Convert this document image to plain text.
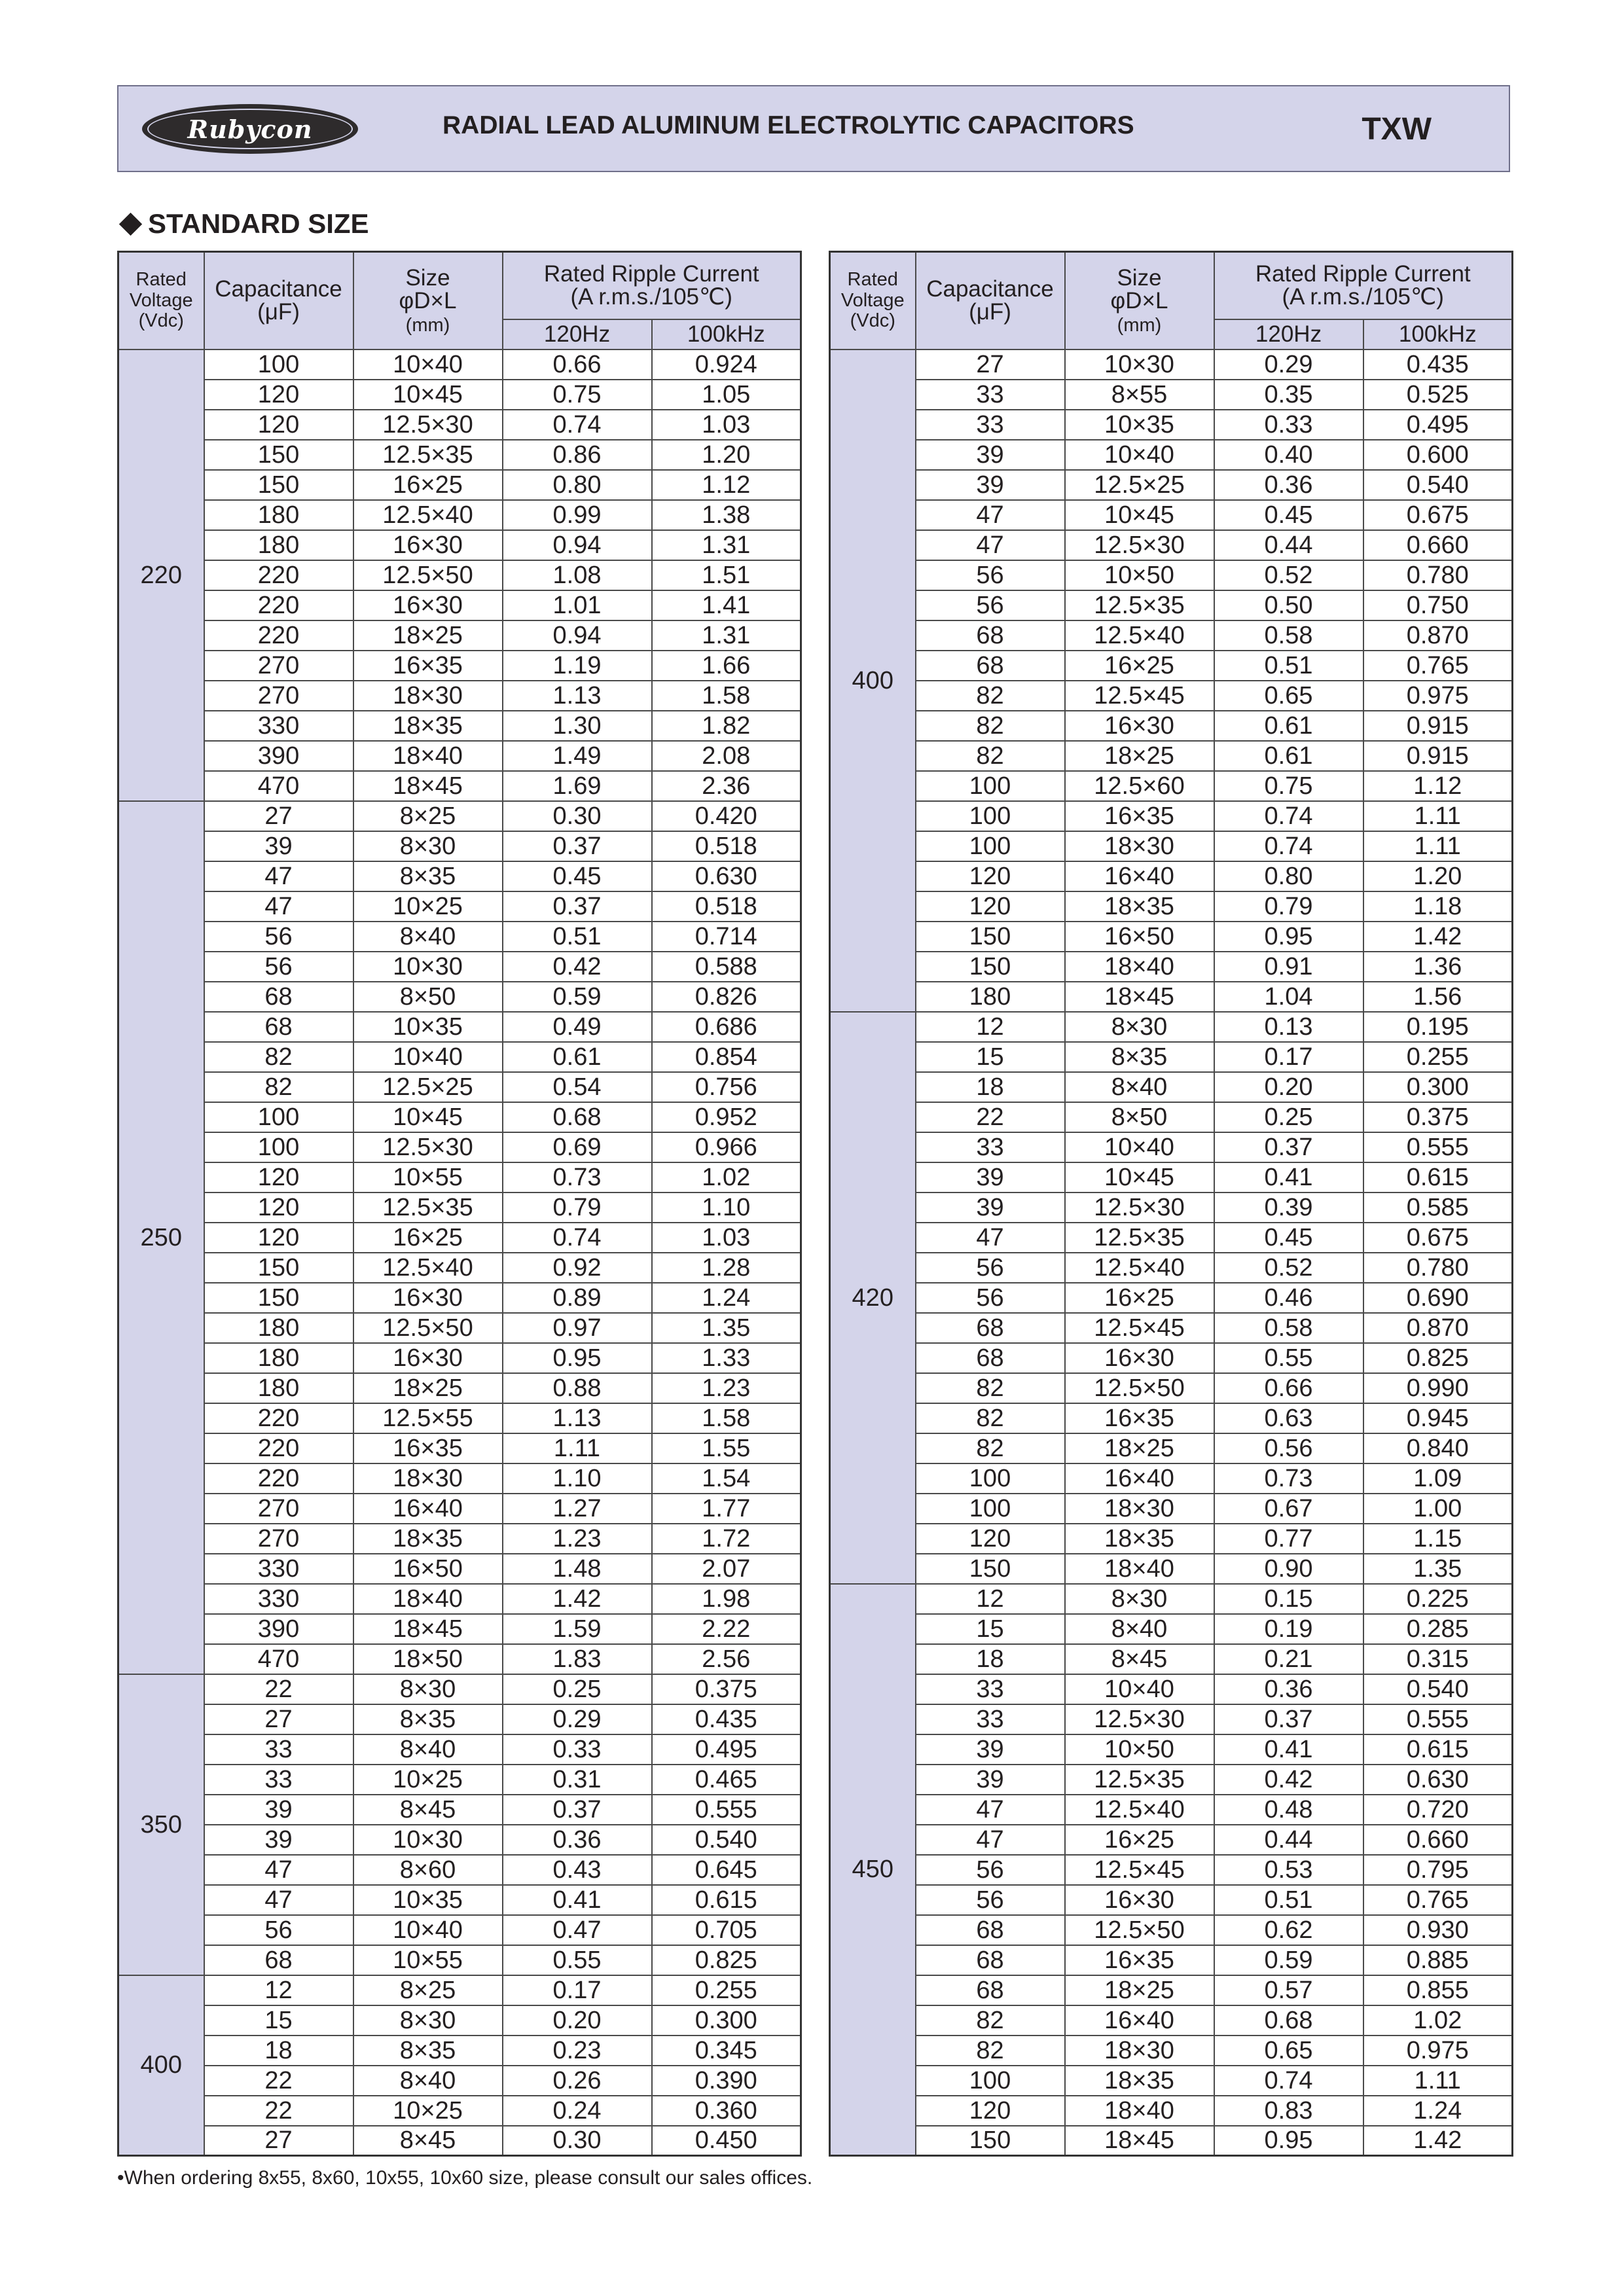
Rubycon	RADIAL LEAD ALUMINUM ELECTROLYTIC CAPACITORS	TXW
STANDARD SIZE
Rated
Voltage
(Vdc)	Capacitance
(μF)	Size
φD×L
(mm)	Rated Ripple Current
(A r.m.s./105℃)	
			120Hz	100kHz
220	100	10×40	0.66	0.924
	120	10×45	0.75	1.05
	120	12.5×30	0.74	1.03
	150	12.5×35	0.86	1.20
	150	16×25	0.80	1.12
	180	12.5×40	0.99	1.38
	180	16×30	0.94	1.31
	220	12.5×50	1.08	1.51
	220	16×30	1.01	1.41
	220	18×25	0.94	1.31
	270	16×35	1.19	1.66
	270	18×30	1.13	1.58
	330	18×35	1.30	1.82
	390	18×40	1.49	2.08
	470	18×45	1.69	2.36
250	27	8×25	0.30	0.420
	39	8×30	0.37	0.518
	47	8×35	0.45	0.630
	47	10×25	0.37	0.518
	56	8×40	0.51	0.714
	56	10×30	0.42	0.588
	68	8×50	0.59	0.826
	68	10×35	0.49	0.686
	82	10×40	0.61	0.854
	82	12.5×25	0.54	0.756
	100	10×45	0.68	0.952
	100	12.5×30	0.69	0.966
	120	10×55	0.73	1.02
	120	12.5×35	0.79	1.10
	120	16×25	0.74	1.03
	150	12.5×40	0.92	1.28
	150	16×30	0.89	1.24
	180	12.5×50	0.97	1.35
	180	16×30	0.95	1.33
	180	18×25	0.88	1.23
	220	12.5×55	1.13	1.58
	220	16×35	1.11	1.55
	220	18×30	1.10	1.54
	270	16×40	1.27	1.77
	270	18×35	1.23	1.72
	330	16×50	1.48	2.07
	330	18×40	1.42	1.98
	390	18×45	1.59	2.22
	470	18×50	1.83	2.56
350	22	8×30	0.25	0.375
	27	8×35	0.29	0.435
	33	8×40	0.33	0.495
	33	10×25	0.31	0.465
	39	8×45	0.37	0.555
	39	10×30	0.36	0.540
	47	8×60	0.43	0.645
	47	10×35	0.41	0.615
	56	10×40	0.47	0.705
	68	10×55	0.55	0.825
400	12	8×25	0.17	0.255
	15	8×30	0.20	0.300
	18	8×35	0.23	0.345
	22	8×40	0.26	0.390
	22	10×25	0.24	0.360
	27	8×45	0.30	0.450
Rated
Voltage
(Vdc)	Capacitance
(μF)	Size
φD×L
(mm)	Rated Ripple Current
(A r.m.s./105℃)	
			120Hz	100kHz
400	27	10×30	0.29	0.435
	33	8×55	0.35	0.525
	33	10×35	0.33	0.495
	39	10×40	0.40	0.600
	39	12.5×25	0.36	0.540
	47	10×45	0.45	0.675
	47	12.5×30	0.44	0.660
	56	10×50	0.52	0.780
	56	12.5×35	0.50	0.750
	68	12.5×40	0.58	0.870
	68	16×25	0.51	0.765
	82	12.5×45	0.65	0.975
	82	16×30	0.61	0.915
	82	18×25	0.61	0.915
	100	12.5×60	0.75	1.12
	100	16×35	0.74	1.11
	100	18×30	0.74	1.11
	120	16×40	0.80	1.20
	120	18×35	0.79	1.18
	150	16×50	0.95	1.42
	150	18×40	0.91	1.36
	180	18×45	1.04	1.56
420	12	8×30	0.13	0.195
	15	8×35	0.17	0.255
	18	8×40	0.20	0.300
	22	8×50	0.25	0.375
	33	10×40	0.37	0.555
	39	10×45	0.41	0.615
	39	12.5×30	0.39	0.585
	47	12.5×35	0.45	0.675
	56	12.5×40	0.52	0.780
	56	16×25	0.46	0.690
	68	12.5×45	0.58	0.870
	68	16×30	0.55	0.825
	82	12.5×50	0.66	0.990
	82	16×35	0.63	0.945
	82	18×25	0.56	0.840
	100	16×40	0.73	1.09
	100	18×30	0.67	1.00
	120	18×35	0.77	1.15
	150	18×40	0.90	1.35
450	12	8×30	0.15	0.225
	15	8×40	0.19	0.285
	18	8×45	0.21	0.315
	33	10×40	0.36	0.540
	33	12.5×30	0.37	0.555
	39	10×50	0.41	0.615
	39	12.5×35	0.42	0.630
	47	12.5×40	0.48	0.720
	47	16×25	0.44	0.660
	56	12.5×45	0.53	0.795
	56	16×30	0.51	0.765
	68	12.5×50	0.62	0.930
	68	16×35	0.59	0.885
	68	18×25	0.57	0.855
	82	16×40	0.68	1.02
	82	18×30	0.65	0.975
	100	18×35	0.74	1.11
	120	18×40	0.83	1.24
	150	18×45	0.95	1.42
•When ordering 8x55, 8x60, 10x55, 10x60 size, please consult our sales offices.
